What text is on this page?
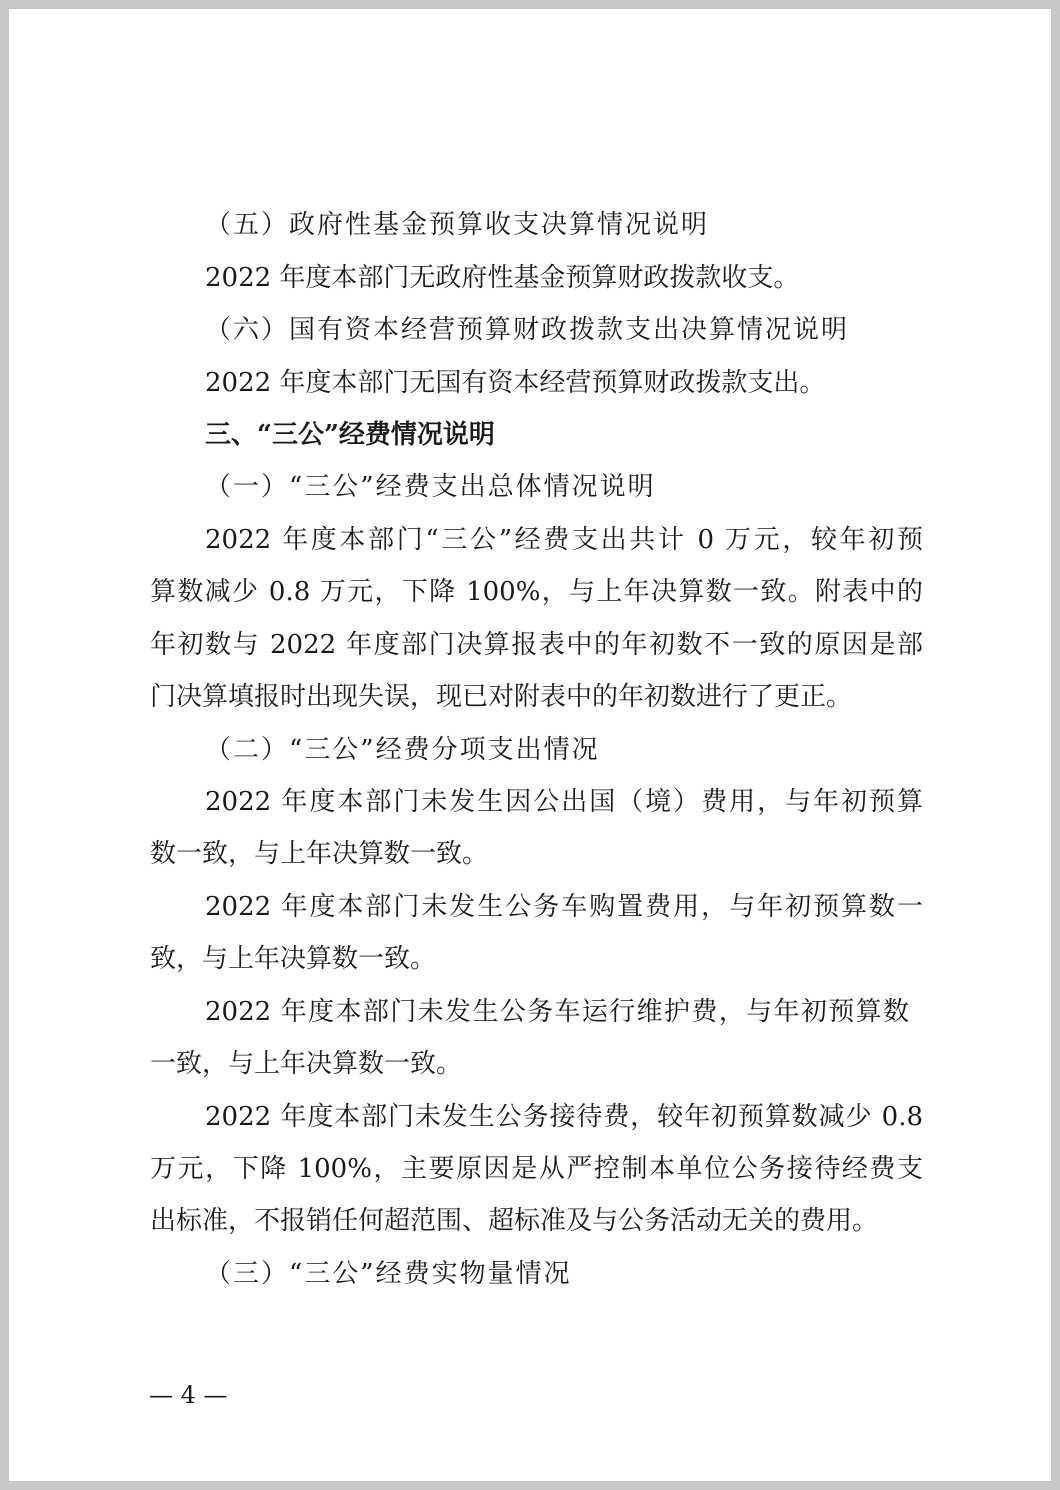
（五）政府性基金预算收支决算情况说明
2022 年度本部门无政府性基金预算财政拨款收支。
（六）国有资本经营预算财政拨款支出决算情况说明
2022 年度本部门无国有资本经营预算财政拨款支出。
三、“三公”经费情况说明
（一）“三公”经费支出总体情况说明
2022 年度本部门“三公”经费支出共计 0 万元，较年初预
算数减少 0.8 万元，下降 100%，与上年决算数一致。附表中的
年初数与 2022 年度部门决算报表中的年初数不一致的原因是部
门决算填报时出现失误，现已对附表中的年初数进行了更正。
（二）“三公”经费分项支出情况
2022 年度本部门未发生因公出国（境）费用，与年初预算
数一致，与上年决算数一致。
2022 年度本部门未发生公务车购置费用，与年初预算数一
致，与上年决算数一致。
2022 年度本部门未发生公务车运行维护费，与年初预算数
一致，与上年决算数一致。
2022 年度本部门未发生公务接待费，较年初预算数减少 0.8
万元，下降 100%，主要原因是从严控制本单位公务接待经费支
出标准，不报销任何超范围、超标准及与公务活动无关的费用。
（三）“三公”经费实物量情况
— 4 —
